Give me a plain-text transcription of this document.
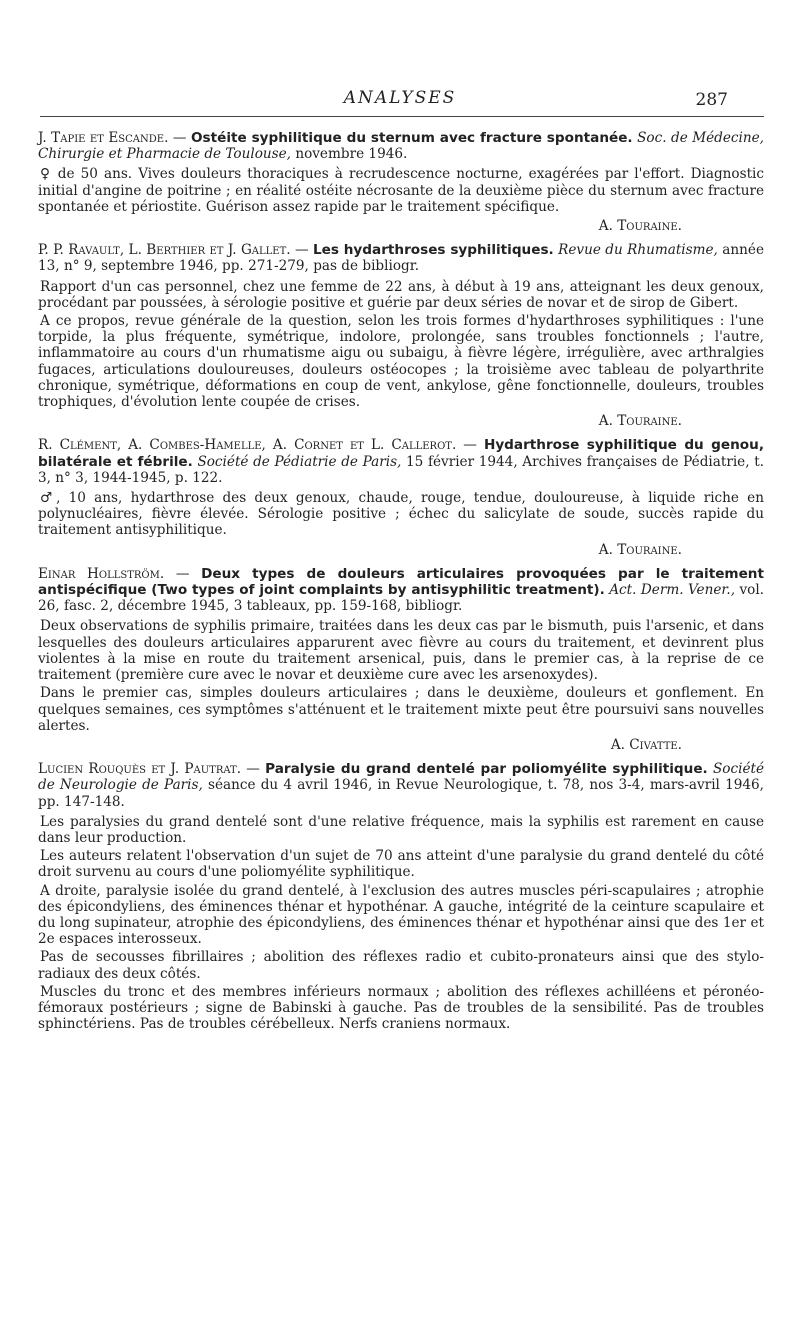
ANALYSES	287

J. Tapie et Escande. — Ostéite syphilitique du sternum avec fracture spontanée. Soc. de Médecine, Chirurgie et Pharmacie de Toulouse, novembre 1946.

♀ de 50 ans. Vives douleurs thoraciques à recrudescence nocturne, exagérées par l'effort. Diagnostic initial d'angine de poitrine ; en réalité ostéite nécrosante de la deuxième pièce du sternum avec fracture spontanée et périostite. Guérison assez rapide par le traitement spécifique.

A. Touraine.

P. P. Ravault, L. Berthier et J. Gallet. — Les hydarthroses syphilitiques. Revue du Rhumatisme, année 13, n° 9, septembre 1946, pp. 271-279, pas de bibliogr.

Rapport d'un cas personnel, chez une femme de 22 ans, à début à 19 ans, atteignant les deux genoux, procédant par poussées, à sérologie positive et guérie par deux séries de novar et de sirop de Gibert.

A ce propos, revue générale de la question, selon les trois formes d'hydarthroses syphilitiques : l'une torpide, la plus fréquente, symétrique, indolore, prolongée, sans troubles fonctionnels ; l'autre, inflammatoire au cours d'un rhumatisme aigu ou subaigu, à fièvre légère, irrégulière, avec arthralgies fugaces, articulations douloureuses, douleurs ostéocopes ; la troisième avec tableau de polyarthrite chronique, symétrique, déformations en coup de vent, ankylose, gêne fonctionnelle, douleurs, troubles trophiques, d'évolution lente coupée de crises.

A. Touraine.

R. Clément, A. Combes-Hamelle, A. Cornet et L. Callerot. — Hydarthrose syphilitique du genou, bilatérale et fébrile. Société de Pédiatrie de Paris, 15 février 1944, Archives françaises de Pédiatrie, t. 3, n° 3, 1944-1945, p. 122.

♂, 10 ans, hydarthrose des deux genoux, chaude, rouge, tendue, douloureuse, à liquide riche en polynucléaires, fièvre élevée. Sérologie positive ; échec du salicylate de soude, succès rapide du traitement antisyphilitique.

A. Touraine.

Einar Hollström. — Deux types de douleurs articulaires provoquées par le traitement antispécifique (Two types of joint complaints by antisyphilitic treatment). Act. Derm. Vener., vol. 26, fasc. 2, décembre 1945, 3 tableaux, pp. 159-168, bibliogr.

Deux observations de syphilis primaire, traitées dans les deux cas par le bismuth, puis l'arsenic, et dans lesquelles des douleurs articulaires apparurent avec fièvre au cours du traitement, et devinrent plus violentes à la mise en route du traitement arsenical, puis, dans le premier cas, à la reprise de ce traitement (première cure avec le novar et deuxième cure avec les arsenoxydes).

Dans le premier cas, simples douleurs articulaires ; dans le deuxième, douleurs et gonflement. En quelques semaines, ces symptômes s'atténuent et le traitement mixte peut être poursuivi sans nouvelles alertes.

A. Civatte.

Lucien Rouquès et J. Pautrat. — Paralysie du grand dentelé par poliomyélite syphilitique. Société de Neurologie de Paris, séance du 4 avril 1946, in Revue Neurologique, t. 78, nos 3-4, mars-avril 1946, pp. 147-148.

Les paralysies du grand dentelé sont d'une relative fréquence, mais la syphilis est rarement en cause dans leur production.

Les auteurs relatent l'observation d'un sujet de 70 ans atteint d'une paralysie du grand dentelé du côté droit survenu au cours d'une poliomyélite syphilitique.

A droite, paralysie isolée du grand dentelé, à l'exclusion des autres muscles péri-scapulaires ; atrophie des épicondyliens, des éminences thénar et hypothénar. A gauche, intégrité de la ceinture scapulaire et du long supinateur, atrophie des épicondyliens, des éminences thénar et hypothénar ainsi que des 1er et 2e espaces interosseux.

Pas de secousses fibrillaires ; abolition des réflexes radio et cubito-pronateurs ainsi que des stylo-radiaux des deux côtés.

Muscles du tronc et des membres inférieurs normaux ; abolition des réflexes achilléens et péronéo-fémoraux postérieurs ; signe de Babinski à gauche. Pas de troubles de la sensibilité. Pas de troubles sphinctériens. Pas de troubles cérébelleux. Nerfs craniens normaux.
